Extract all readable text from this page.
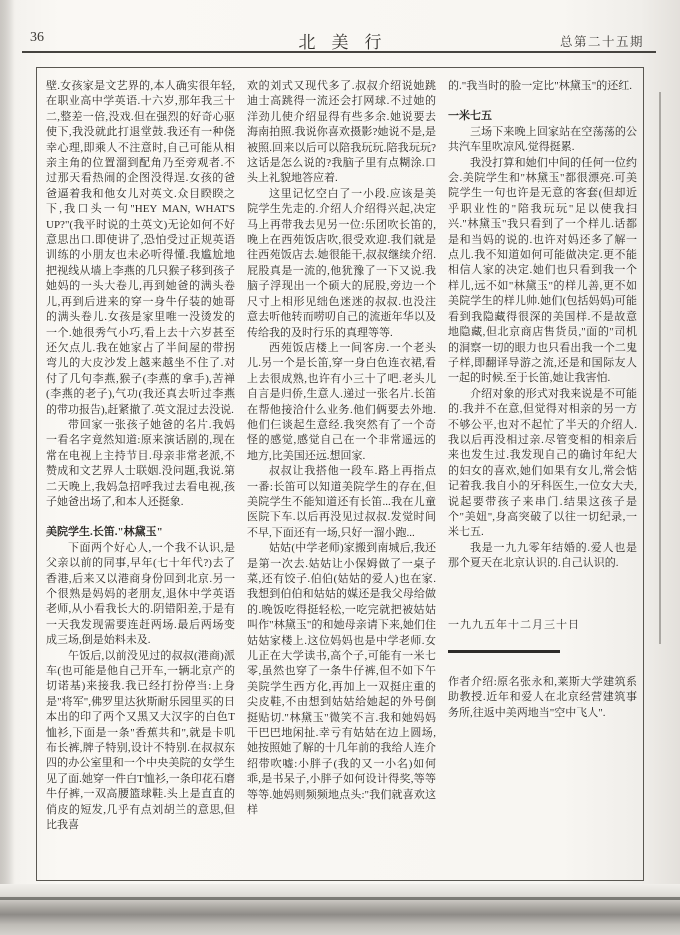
36	北美行	总第二十五期

壁.女孩家是文艺界的,本人确实很年轻,在职业高中学英语.十六岁,那年我三十二,整差一倍,没戏.但在强烈的好奇心驱使下,我没就此打退堂鼓.我还有一种侥幸心理,即乘人不注意时,自己可能从相亲主角的位置溜到配角乃至旁观者.不过那天看热闹的企图没得逞.女孩的爸爸逼着我和他女儿对英文.众目睽睽之下,我口头一句"HEY MAN, WHAT'S UP?"(我平时说的土英文)无论如何不好意思出口.即使讲了,恐怕受过正规英语训练的小朋友也未必听得懂.我尴尬地把视线从墙上李燕的几只猴子移到孩子她妈的一头大卷儿,再到她爸的满头卷儿,再到后进来的穿一身牛仔装的她哥的满头卷儿.女孩是家里唯一没烫发的一个.她很秀气小巧,看上去十六岁甚至还欠点儿.我在她家占了半间屋的带拐弯儿的大皮沙发上越来越坐不住了.对付了几句李燕,猴子(李燕的拿手),苦禅(李燕的老子),气功(我还真去听过李燕的带功报告),赶紧撤了.英文混过去没说.

带回家一张孩子她爸的名片.我妈一看名字竟然知道:原来演话剧的,现在常在电视上主持节目.母亲非常老派,不赞成和文艺界人士联姻.没问题,我说.第二天晚上,我妈急招呼我过去看电视,孩子她爸出场了,和本人还挺象.

美院学生.长笛."林黛玉"

下面两个好心人,一个我不认识,是父亲以前的同事,早年(七十年代?)去了香港,后来又以港商身份回到北京.另一个很熟是妈妈的老朋友,退休中学英语老师,从小看我长大的.阴错阳差,于是有一天我发现需要连赶两场.最后两场变成三场,倒是始料未及.

午饭后,以前没见过的叔叔(港商)派车(也可能是他自己开车,一辆北京产的切诺基)来接我.我已经打扮停当:上身是"将军",佛罗里达狄斯耐乐园里买的日本出的印了两个又黑又大汉字的白色T恤衫,下面是一条"香蕉共和",就是卡叽布长裤,牌子特别,设计不特别.在叔叔东四的办公室里和一个中央美院的女学生见了面.她穿一件白T恤衫,一条印花石磨牛仔裤,一双高腰篮球鞋.头上是直直的俏皮的短发,几乎有点刘胡兰的意思,但比我喜

欢的刘式又现代多了.叔叔介绍说她跳迪士高跳得一流还会打网球.不过她的洋劲儿使介绍显得有些多余.她说要去海南拍照.我说你喜欢摄影?她说不是,是被照.回来以后可以陪我玩玩.陪我玩玩?这话是怎么说的?我脑子里有点糊涂.口头上礼貌地答应着.

这里记忆空白了一小段.应该是美院学生先走的.介绍人介绍得兴起,决定马上再带我去见另一位:乐团吹长笛的,晚上在西苑饭店吹,很受欢迎.我们就是往西苑饭店去.她很能干,叔叔继续介绍.屁股真是一流的,他犹豫了一下又说.我脑子浮现出一个硕大的屁股,旁边一个尺寸上相形见绌色迷迷的叔叔.也没注意去听他转而唠叨自己的流逝年华以及传给我的及时行乐的真理等等.

西苑饭店楼上一间客房.一个老头儿.另一个是长笛,穿一身白色连衣裙,看上去很成熟,也许有小三十了吧.老头儿自言是归侨,生意人.递过一张名片.长笛在帮他接洽什么业务.他们俩要去外地.他们仨谈起生意经.我突然有了一个奇怪的感觉,感觉自己在一个非常遥远的地方,比美国还远.想回家.

叔叔让我搭他一段车.路上再指点一番:长笛可以知道美院学生的存在,但美院学生不能知道还有长笛...我在儿童医院下车.以后再没见过叔叔.发觉时间不早,下面还有一场,只好一溜小跑...

姑姑(中学老师)家搬到南城后,我还是第一次去.姑姑让小保姆做了一桌子菜,还有饺子.伯伯(姑姑的爱人)也在家.我想到伯伯和姑姑的媒还是我父母给做的.晚饭吃得挺轻松,一吃完就把被姑姑叫作"林黛玉"的和她母亲请下来,她们住姑姑家楼上.这位妈妈也是中学老师.女儿正在大学读书,高个子,可能有一米七零,虽然也穿了一条牛仔裤,但不如下午美院学生西方化,再加上一双挺庄重的尖皮鞋,不由想到姑姑给她起的外号倒挺贴切."林黛玉"微笑不言.我和她妈妈干巴巴地闲扯.幸亏有姑姑在边上圆场,她按照她了解的十几年前的我给人连介绍带吹嘘:小胖子(我的又一小名)如何乖,是书呆子,小胖子如何设计得奖,等等等等.她妈则频频地点头:"我们就喜欢这样

的."我当时的脸一定比"林黛玉"的还红.

一米七五

三场下来晚上回家站在空荡荡的公共汽车里吹凉风.觉得挺累.

我没打算和她们中间的任何一位约会.美院学生和"林黛玉"都很漂亮.可美院学生一句也许是无意的客套(但却近乎职业性的"陪我玩玩"足以使我扫兴."林黛玉"我只看到了一个样儿.话都是和当妈的说的.也许对妈还多了解一点儿.我不知道如何可能做决定.更不能相信人家的决定.她们也只看到我一个样儿,远不如"林黛玉"的样儿善,更不如美院学生的样儿帅.她们(包括妈妈)可能看到我隐藏得很深的美国样.不是故意地隐藏,但北京商店售货员,"面的"司机的洞察一切的眼力也只看出我一个二鬼子样,即翻译导游之流,还是和国际友人一起的时候.至于长笛,她让我害怕.

介绍对象的形式对我来说是不可能的.我并不在意,但觉得对相亲的另一方不够公平,也对不起忙了半天的介绍人.我以后再没相过亲.尽管变相的相亲后来也发生过.我发现自己的确讨年纪大的妇女的喜欢,她们如果有女儿,常会惦记着我.我自小的牙科医生,一位女大夫,说起要带孩子来串门.结果这孩子是个"美妞",身高突破了以往一切纪录,一米七五.

我是一九九零年结婚的.爱人也是那个夏天在北京认识的.自己认识的.

一九九五年十二月三十日

作者介绍:原名张永和,莱斯大学建筑系助教授.近年和爱人在北京经营建筑事务所,往返中美两地当"空中飞人".
